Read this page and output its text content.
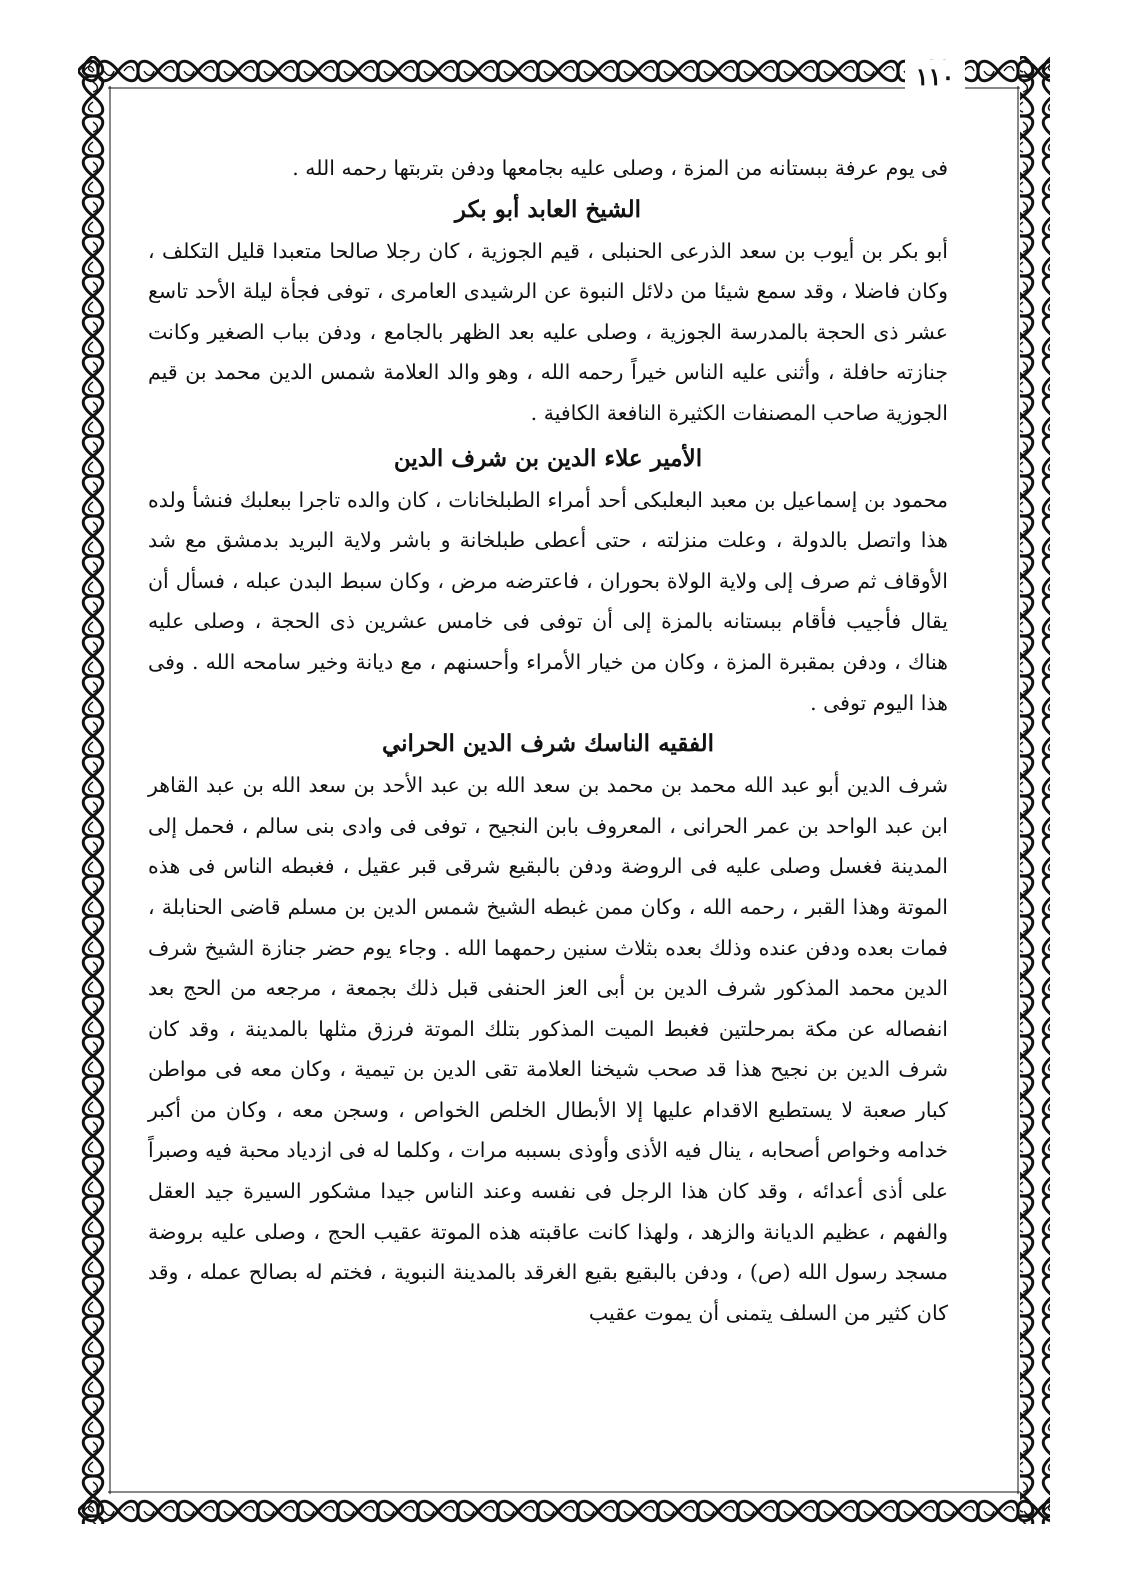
١١٠

فى يوم عرفة ببستانه من المزة ، وصلى عليه بجامعها ودفن بتربتها رحمه الله .

الشيخ العابد أبو بكر

أبو بكر بن أيوب بن سعد الذرعى الحنبلى ، قيم الجوزية ، كان رجلا صالحا متعبدا قليل التكلف ، وكان فاضلا ، وقد سمع شيئا من دلائل النبوة عن الرشيدى العامرى ، توفى فجأة ليلة الأحد تاسع عشر ذى الحجة بالمدرسة الجوزية ، وصلى عليه بعد الظهر بالجامع ، ودفن بباب الصغير وكانت جنازته حافلة ، وأثنى عليه الناس خيراً رحمه الله ، وهو والد العلامة شمس الدين محمد بن قيم الجوزية صاحب المصنفات الكثيرة النافعة الكافية .

الأمير علاء الدين بن شرف الدين

محمود بن إسماعيل بن معبد البعلبكى أحد أمراء الطبلخانات ، كان والده تاجرا ببعلبك فنشأ ولده هذا واتصل بالدولة ، وعلت منزلته ، حتى أعطى طبلخانة و باشر ولاية البريد بدمشق مع شد الأوقاف ثم صرف إلى ولاية الولاة بحوران ، فاعترضه مرض ، وكان سبط البدن عبله ، فسأل أن يقال فأجيب فأقام ببستانه بالمزة إلى أن توفى فى خامس عشرين ذى الحجة ، وصلى عليه هناك ، ودفن بمقبرة المزة ، وكان من خيار الأمراء وأحسنهم ، مع ديانة وخير سامحه الله . وفى هذا اليوم توفى .

الفقيه الناسك شرف الدين الحراني

شرف الدين أبو عبد الله محمد بن محمد بن سعد الله بن عبد الأحد بن سعد الله بن عبد القاهر ابن عبد الواحد بن عمر الحرانى ، المعروف بابن النجيح ، توفى فى وادى بنى سالم ، فحمل إلى المدينة فغسل وصلى عليه فى الروضة ودفن بالبقيع شرقى قبر عقيل ، فغبطه الناس فى هذه الموتة وهذا القبر ، رحمه الله ، وكان ممن غبطه الشيخ شمس الدين بن مسلم قاضى الحنابلة ، فمات بعده ودفن عنده وذلك بعده بثلاث سنين رحمهما الله . وجاء يوم حضر جنازة الشيخ شرف الدين محمد المذكور شرف الدين بن أبى العز الحنفى قبل ذلك بجمعة ، مرجعه من الحج بعد انفصاله عن مكة بمرحلتين فغبط الميت المذكور بتلك الموتة فرزق مثلها بالمدينة ، وقد كان شرف الدين بن نجيح هذا قد صحب شيخنا العلامة تقى الدين بن تيمية ، وكان معه فى مواطن كبار صعبة لا يستطيع الاقدام عليها إلا الأبطال الخلص الخواص ، وسجن معه ، وكان من أكبر خدامه وخواص أصحابه ، ينال فيه الأذى وأوذى بسببه مرات ، وكلما له فى ازدياد محبة فيه وصبراً على أذى أعدائه ، وقد كان هذا الرجل فى نفسه وعند الناس جيدا مشكور السيرة جيد العقل والفهم ، عظيم الديانة والزهد ، ولهذا كانت عاقبته هذه الموتة عقيب الحج ، وصلى عليه بروضة مسجد رسول الله (ص) ، ودفن بالبقيع بقيع الغرقد بالمدينة النبوية ، فختم له بصالح عمله ، وقد كان كثير من السلف يتمنى أن يموت عقيب
